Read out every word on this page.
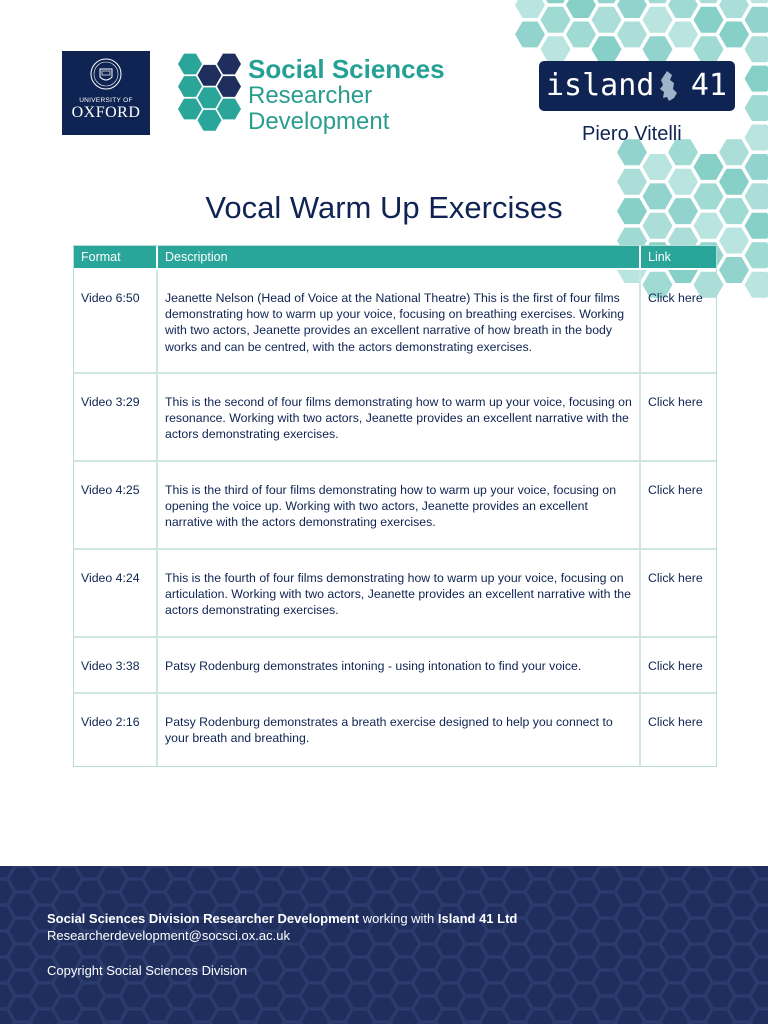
UNIVERSITY OF
OXFORD
Social Sciences
Researcher
Development
island 41
Piero Vitelli
Vocal Warm Up Exercises
Format	Description	Link
Video 6:50	Jeanette Nelson (Head of Voice at the National Theatre) This is the first of four films demonstrating how to warm up your voice, focusing on breathing exercises. Working with two actors, Jeanette provides an excellent narrative of how breath in the body works and can be centred, with the actors demonstrating exercises.	Click here
Video 3:29	This is the second of four films demonstrating how to warm up your voice, focusing on resonance. Working with two actors, Jeanette provides an excellent narrative with the actors demonstrating exercises.	Click here
Video 4:25	This is the third of four films demonstrating how to warm up your voice, focusing on opening the voice up. Working with two actors, Jeanette provides an excellent narrative with the actors demonstrating exercises.	Click here
Video 4:24	This is the fourth of four films demonstrating how to warm up your voice, focusing on articulation. Working with two actors, Jeanette provides an excellent narrative with the actors demonstrating exercises.	Click here
Video 3:38	Patsy Rodenburg demonstrates intoning - using intonation to find your voice.	Click here
Video 2:16	Patsy Rodenburg demonstrates a breath exercise designed to help you connect to your breath and breathing.	Click here
Social Sciences Division Researcher Development working with Island 41 Ltd
Researcherdevelopment@socsci.ox.ac.uk
Copyright Social Sciences Division
